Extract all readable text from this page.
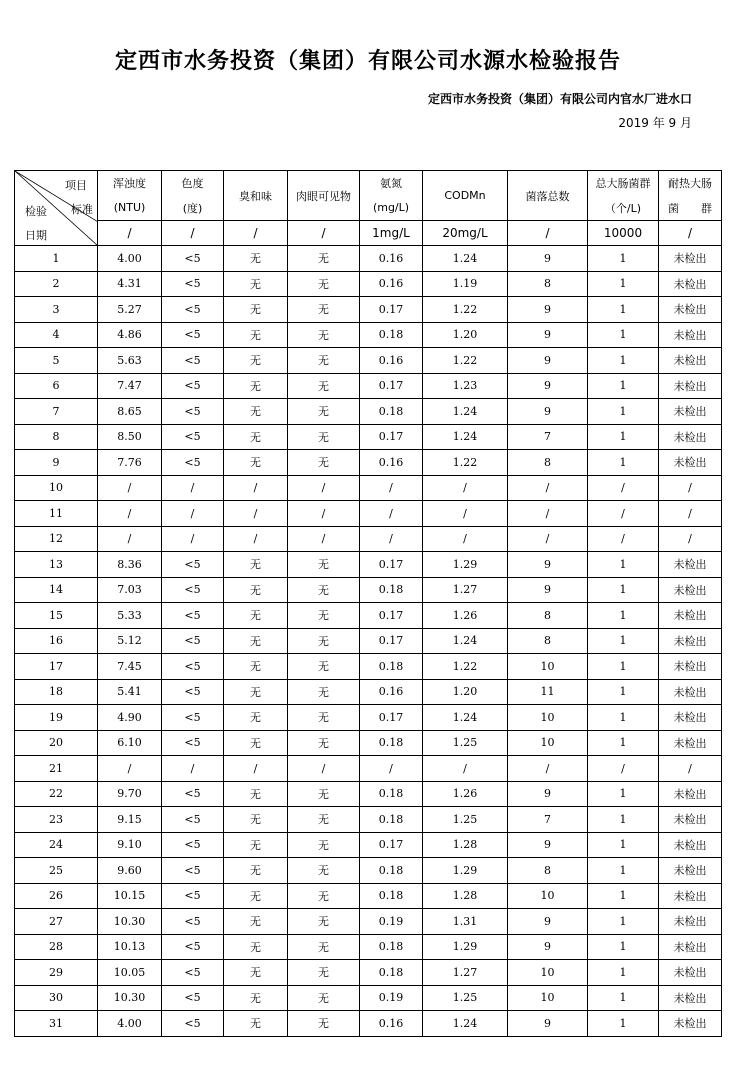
定西市水务投资（集团）有限公司水源水检验报告
定西市水务投资（集团）有限公司内官水厂进水口
2019 年 9 月
项目
检验 标准
日期	浑浊度	色度	臭和味	肉眼可见物	氨氮	CODMn	菌落总数	总大肠菌群	耐热大肠
	(NTU)	(度)			(mg/L)			（个/L)	菌　　群
	/	/	/	/	1mg/L	20mg/L	/	10000	/
1	4.00	<5	无	无	0.16	1.24	9	1	未检出
2	4.31	<5	无	无	0.16	1.19	8	1	未检出
3	5.27	<5	无	无	0.17	1.22	9	1	未检出
4	4.86	<5	无	无	0.18	1.20	9	1	未检出
5	5.63	<5	无	无	0.16	1.22	9	1	未检出
6	7.47	<5	无	无	0.17	1.23	9	1	未检出
7	8.65	<5	无	无	0.18	1.24	9	1	未检出
8	8.50	<5	无	无	0.17	1.24	7	1	未检出
9	7.76	<5	无	无	0.16	1.22	8	1	未检出
10	/	/	/	/	/	/	/	/	/
11	/	/	/	/	/	/	/	/	/
12	/	/	/	/	/	/	/	/	/
13	8.36	<5	无	无	0.17	1.29	9	1	未检出
14	7.03	<5	无	无	0.18	1.27	9	1	未检出
15	5.33	<5	无	无	0.17	1.26	8	1	未检出
16	5.12	<5	无	无	0.17	1.24	8	1	未检出
17	7.45	<5	无	无	0.18	1.22	10	1	未检出
18	5.41	<5	无	无	0.16	1.20	11	1	未检出
19	4.90	<5	无	无	0.17	1.24	10	1	未检出
20	6.10	<5	无	无	0.18	1.25	10	1	未检出
21	/	/	/	/	/	/	/	/	/
22	9.70	<5	无	无	0.18	1.26	9	1	未检出
23	9.15	<5	无	无	0.18	1.25	7	1	未检出
24	9.10	<5	无	无	0.17	1.28	9	1	未检出
25	9.60	<5	无	无	0.18	1.29	8	1	未检出
26	10.15	<5	无	无	0.18	1.28	10	1	未检出
27	10.30	<5	无	无	0.19	1.31	9	1	未检出
28	10.13	<5	无	无	0.18	1.29	9	1	未检出
29	10.05	<5	无	无	0.18	1.27	10	1	未检出
30	10.30	<5	无	无	0.19	1.25	10	1	未检出
31	4.00	<5	无	无	0.16	1.24	9	1	未检出
